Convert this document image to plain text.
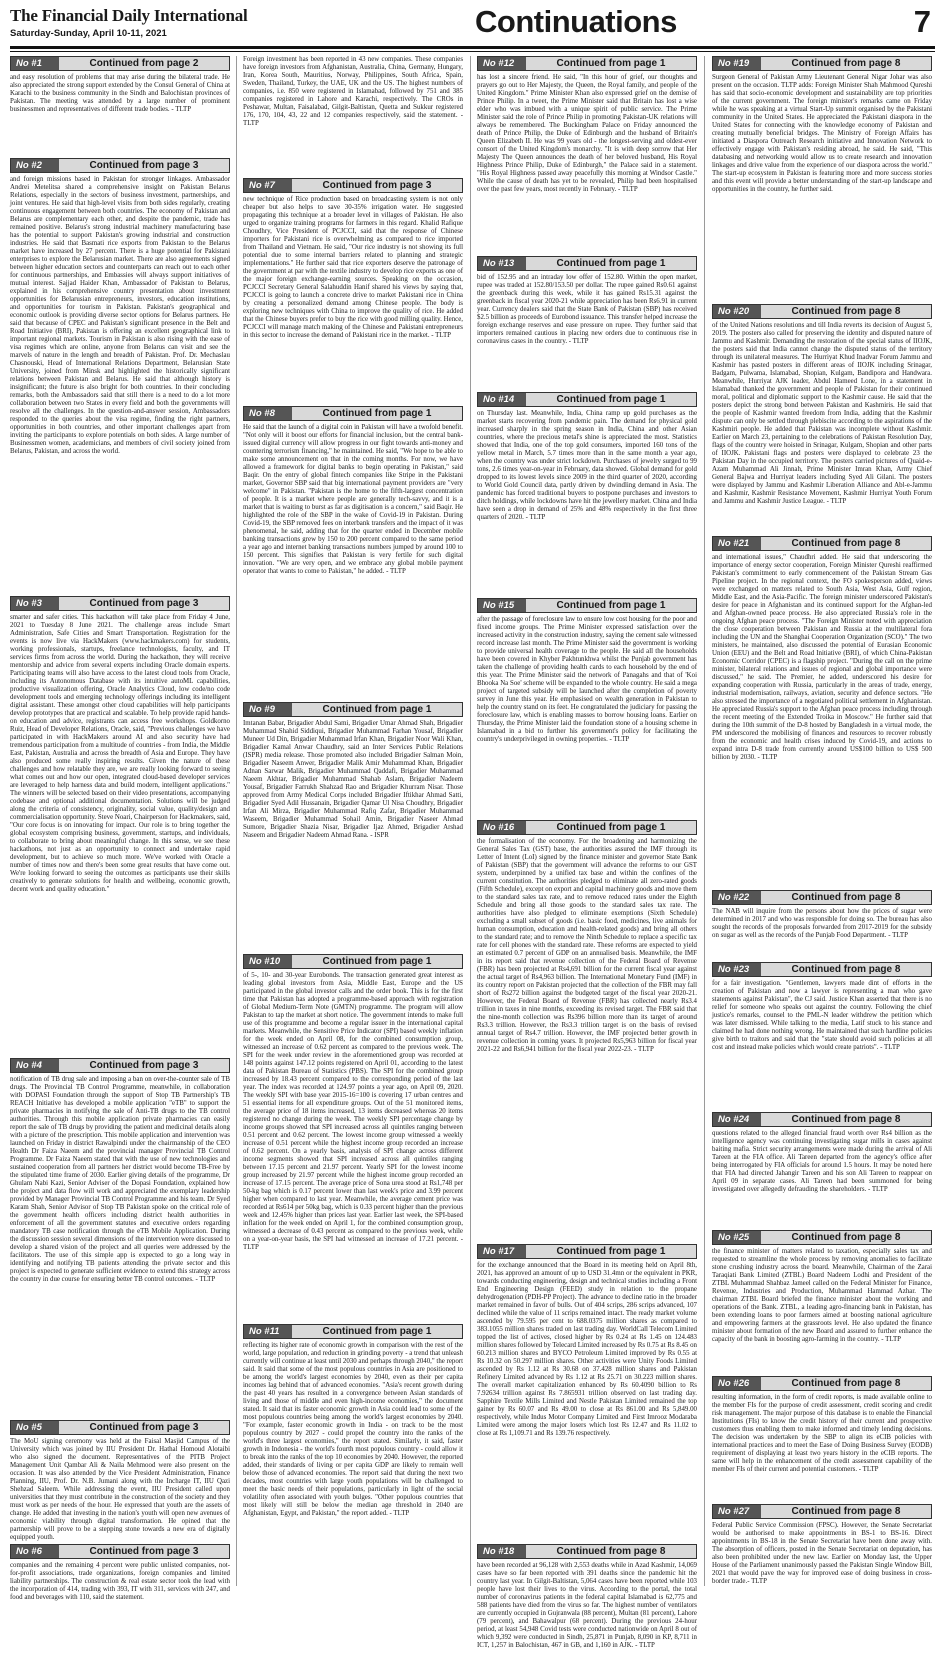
The Financial Daily International
Saturday-Sunday, April 10-11, 2021	Continuations	7
No #1	Continued from page 2
and easy resolution of problems that may arise during the bilateral trade. He also appreciated the strong support extended by the Consul General of China at Karachi to the business community in the Sindh and Balochistan provinces of Pakistan. The meeting was attended by a large number of prominent businessmen and representatives of different trade bodies. - TLTP
No #2	Continued from page 3
and foreign missions based in Pakistan for stronger linkages. Ambassador Andrei Metelitsa shared a comprehensive insight on Pakistan Belarus Relations, especially in the sectors of business investment, partnerships, and joint ventures. He said that high-level visits from both sides regularly, creating continuous engagement between both countries. The economy of Pakistan and Belarus are complementary each other, and despite the pandemic, trade has remained positive. Belarus's strong industrial machinery manufacturing base has the potential to support Pakistan's growing industrial and construction industries. He said that Basmati rice exports from Pakistan to the Belarus market have increased by 27 percent. There is a huge potential for Pakistani enterprises to explore the Belarusian market. There are also agreements signed between higher education sectors and counterparts can reach out to each other for continuous partnerships, and Embassies will always support initiatives of mutual interest. Sajjad Haider Khan, Ambassador of Pakistan to Belarus, explained in his comprehensive country presentation about investment opportunities for Belarusian entrepreneurs, investors, education institutions, and opportunities for tourism in Pakistan. Pakistan's geographical and economic outlook is providing diverse sector options for Belarus partners. He said that because of CPEC and Pakistan's significant presence in the Belt and Road Initiative (BRI), Pakistan is offering an excellent geographical link to important regional markets. Tourism in Pakistan is also rising with the ease of visa regimes which are online, anyone from Belarus can visit and see the marvels of nature in the length and breadth of Pakistan. Prof. Dr. Mechaslau Chasnouski, Head of International Relations Department, Belarusian State University, joined from Minsk and highlighted the historically significant relations between Pakistan and Belarus. He said that although history is insignificant; the future is also bright for both countries. In their concluding remarks, both the Ambassadors said that still there is a need to do a lot more collaboration between two States in every field and both the governments will resolve all the challenges. In the question-and-answer session, Ambassadors responded to the queries about the visa regime, finding the right partners, opportunities in both countries, and other important challenges apart from inviting the participants to explore potentials on both sides. A large number of Businessmen women, academicians, and members of civil society joined from Belarus, Pakistan, and across the world.
No #3	Continued from page 3
smarter and safer cities. This hackathon will take place from Friday 4 June, 2021 to Tuesday 8 June 2021. The challenge areas include Smart Administration, Safe Cities and Smart Transportation. Registration for the events is now live via HackMakers (www.hackmakers.com) for students, working professionals, startups, freelance technologists, faculty, and IT services firms from across the world. During the hackathon, they will receive mentorship and advice from several experts including Oracle domain experts. Participating teams will also have access to the latest cloud tools from Oracle, including its Autonomous Database with its intuitive autoML capabilities, productive visualization offering, Oracle Analytics Cloud, low code/no code development tools and emerging technology offerings including its intelligent digital assistant. These amongst other cloud capabilities will help participants develop prototypes that are practical and scalable. To help provide rapid hands-on education and advice, registrants can access free workshops. Goldkorno Ruiz, Head of Developer Relations, Oracle, said, "Previous challenges we have participated in with HackMakers around AI and also security have had tremendous participation from a multitude of countries - from India, the Middle East, Pakistan, Australia and across the breadth of Asia and Europe. They have also produced some really inspiring results. Given the nature of these challenges and how relatable they are, we are really looking forward to seeing what comes out and how our open, integrated cloud-based developer services are leveraged to help harness data and build modern, intelligent applications." The winners will be selected based on their video presentations, accompanying codebase and optional additional documentation. Solutions will be judged along the criteria of consistency, originality, social value, quality/design and commercialisation opportunity. Steve Noari, Chairperson for Hackmakers, said, "Our core focus is on innovating for impact. Our role is to bring together the global ecosystem comprising business, government, startups, and individuals, to collaborate to bring about meaningful change. In this sense, we see these hackathons, not just as an opportunity to connect and undertake rapid development, but to achieve so much more. We've worked with Oracle a number of times now and there's been some great results that have come out. We're looking forward to seeing the outcomes as participants use their skills creatively to generate solutions for health and wellbeing, economic growth, decent work and quality education."
No #4	Continued from page 3
notification of TB drug sale and imposing a ban on over-the-counter sale of TB drugs. The Provincial TB Control Programme, meanwhile, in collaboration with DOPASI Foundation through the support of Stop TB Partnership's TB REACH Initiative has developed a mobile application "eTB" to support the private pharmacies in notifying the sale of Anti-TB drugs to the TB control authorities. Through this mobile application private pharmacies can easily report the sale of TB drugs by providing the patient and medicinal details along with a picture of the prescription. This mobile application and intervention was launched on Friday in district Rawalpindi under the chairmanship of the CEO Health Dr Faiza Naeem and the provincial manager Provincial TB Control Programme. Dr Faiza Naeem stated that with the use of new technologies and sustained cooperation from all partners her district would become TB-Free by the stipulated time frame of 2030. Earlier giving details of the programme, Dr Ghulam Nabi Kazi, Senior Adviser of the Dopasi Foundation, explained how the project and data flow will work and appreciated the exemplary leadership provided by Manager Provincial TB Control Programme and his team. Dr Syed Karam Shah, Senior Advisor of Stop TB Pakistan spoke on the critical role of the government health officers including district health authorities in enforcement of all the government statutes and executive orders regarding mandatory TB case notification through the eTB Mobile Application. During the discussion session several dimensions of the intervention were discussed to develop a shared vision of the project and all queries were addressed by the facilitators. The use of this simple app is expected to go a long way in identifying and notifying TB patients attending the private sector and this project is expected to generate sufficient evidence to extend this strategy across the country in due course for ensuring better TB control outcomes. - TLTP
No #5	Continued from page 3
The MoU signing ceremony was held at the Faisal Masjid Campus of the University which was joined by IIU President Dr. Hathal Homoud Alotaibi who also signed the document. Representatives of the PITB Project Management Unit Qambar Ali & Naila Mehmood were also present on the occasion. It was also attended by the Vice President Administration, Finance Planning, IIU, Prof. Dr. N.B. Jumani along with the Incharge IT, IIU Qazi Shehzad Saleem. While addressing the event, IIU President called upon universities that they must contribute in the construction of the society and they must work as per needs of the hour. He expressed that youth are the assets of change. He added that investing in the nation's youth will open new avenues of economic viability through digital transformation. He opined that the partnership will prove to be a stepping stone towards a new era of digitally equipped youth.
No #6	Continued from page 3
companies and the remaining 4 percent were public unlisted companies, not-for-profit associations, trade organizations, foreign companies and limited liability partnerships. The construction & real estate sector took the lead with the incorporation of 414, trading with 393, IT with 311, services with 247, and food and beverages with 110, said the statement.
Foreign investment has been reported in 43 new companies. These companies have foreign investors from Afghanistan, Australia, China, Germany, Hungary, Iran, Korea South, Mauritius, Norway, Philippines, South Africa, Spain, Sweden, Thailand, Turkey, the UAE, UK and the US. The highest numbers of companies, i.e. 850 were registered in Islamabad, followed by 751 and 385 companies registered in Lahore and Karachi, respectively. The CROs in Peshawar, Multan, Faisalabad, Gilgit-Baltistan, Quetta and Sukkur registered 176, 170, 104, 43, 22 and 12 companies respectively, said the statement. - TLTP
No #7	Continued from page 3
new technique of Rice production based on broadcasting system is not only cheaper but also helps to save 30-35% irrigation water. He suggested propagating this technique at a broader level in villages of Pakistan. He also urged to organize training programs for farmers in this regard. Khalid Rafique Choudhry, Vice President of PCJCCI, said that the response of Chinese importers for Pakistani rice is overwhelming as compared to rice imported from Thailand and Vietnam. He said, "Our rice industry is not showing its full potential due to some internal barriers related to planning and strategic implementations." He further said that rice exporters deserve the patronage of the government at par with the textile industry to develop rice exports as one of the major foreign exchange-earning sources. Speaking on the occasion, PCJCCI Secretary General Salahuddin Hanif shared his views by saying that, PCJCCI is going to launch a concrete drive to market Pakistani rice in China by creating a personalized demand among Chinese people. The body is exploring new techniques with China to improve the quality of rice. He added that the Chinese buyers prefer to buy the rice with good milling quality. Hence, PCJCCI will manage match making of the Chinese and Pakistani entrepreneurs in this sector to increase the demand of Pakistani rice in the market. - TLTP
No #8	Continued from page 1
He said that the launch of a digital coin in Pakistan will have a twofold benefit. "Not only will it boost our efforts for financial inclusion, but the central bank-issued digital currency will allow progress in our fight towards anti-money and countering terrorism financing," he maintained. He said, "We hope to be able to make some announcement on that in the coming months. For now, we have allowed a framework for digital banks to begin operating in Pakistan," said Baqir. On the entry of global fintech companies like Stripe in the Pakistani market, Governor SBP said that big international payment providers are "very welcome" in Pakistan. "Pakistan is the home to the fifth-largest concentration of people. It is a market where people are generally tech-savvy, and it is a market that is waiting to burst as far as digitisation is a concern," said Baqir. He highlighted the role of the SBP in the wake of Covid-19 in Pakistan. During Covid-19, the SBP removed fees on interbank transfers and the impact of it was phenomenal, he said, adding that for the quarter ended in December mobile banking transactions grew by 150 to 200 percent compared to the same period a year ago and internet banking transactions numbers jumped by around 100 to 150 percent. This signifies that Pakistan is very fertile for such digital innovation. "We are very open, and we embrace any global mobile payment operator that wants to come to Pakistan," he added. - TLTP
No #9	Continued from page 1
Imtanan Babar, Brigadier Abdul Sami, Brigadier Umar Ahmad Shah, Brigadier Muhammad Shahid Siddiqui, Brigadier Muhammad Farhan Yousaf, Brigadier Muneer Ud Din, Brigadier Muhammad Irfan Khan, Brigadier Noor Wali Khan, Brigadier Kamal Anwar Chaudhry, said an Inter Services Public Relations (ISPR) media release. Those promoted also included Brigadier Salman Moin, Brigadier Naseem Anwer, Brigadier Malik Amir Muhammad Khan, Brigadier Adnan Sarwar Malik, Brigadier Muhammad Qaddafi, Brigadier Muhammad Naeem Akhtar, Brigadier Muhammad Shahab Aslam, Brigadier Nadeem Yousaf, Brigadier Farrukh Shahzad Rao and Brigadier Khurram Nisar. Those approved from Army Medical Corps included Brigadier Iftikhar Ahmad Satti, Brigadier Syed Adil Hussanain, Brigadier Qamar Ul Nisa Choudhry, Brigadier Irfan Ali Mirza, Brigadier Muhammad Rafiq Zafar, Brigadier Muhammad Waseem, Brigadier Muhammad Sohail Amin, Brigadier Naseer Ahmad Sumore, Brigadier Shazia Nisar, Brigadier Ijaz Ahmed, Brigadier Arshad Naseem and Brigadier Nadeem Ahmad Rana. - ISPR
No #10	Continued from page 1
of 5-, 10- and 30-year Eurobonds. The transaction generated great interest as leading global investors from Asia, Middle East, Europe and the US participated in the global investor calls and the order book. This is for the first time that Pakistan has adopted a programme-based approach with registration of Global Medium-Term Note (GMTN) programme. The program will allow Pakistan to tap the market at short notice. The government intends to make full use of this programme and become a regular issuer in the international capital markets. Meanwhile, the Sensitive Price Indicator (SPI) based weekly inflation for the week ended on April 08, for the combined consumption group, witnessed an increase of 0.62 percent as compared to the previous week. The SPI for the week under review in the aforementioned group was recorded at 148 points against 147.12 points registered on April 01, according to the latest data of Pakistan Bureau of Statistics (PBS). The SPI for the combined group increased by 18.43 percent compared to the corresponding period of the last year. The index was recorded at 124.97 points a year ago, on April 09, 2020. The weekly SPI with base year 2015-16=100 is covering 17 urban centres and 51 essential items for all expenditure groups. Out of the 51 monitored items, the average price of 18 items increased, 13 items decreased whereas 20 items registered no change during the week. The weekly SPI percentage change by income groups showed that SPI increased across all quintiles ranging between 0.51 percent and 0.62 percent. The lowest income group witnessed a weekly increase of 0.51 percent while the highest income group recorded an increase of 0.62 percent. On a yearly basis, analysis of SPI change across different income segments showed that SPI increased across all quintiles ranging between 17.15 percent and 21.97 percent. Yearly SPI for the lowest income group increased by 21.97 percent while the highest income group recorded an increase of 17.15 percent. The average price of Sona urea stood at Rs1,748 per 50-kg bag which is 0.17 percent lower than last week's price and 3.99 percent higher when compared to last year. Meanwhile, the average cement price was recorded at Rs614 per 50kg bag, which is 0.33 percent higher than the previous week and 12.45% higher than prices last year. Earlier last week, the SPI-based inflation for the week ended on April 1, for the combined consumption group, witnessed a decrease of 0.43 percent as compared to the previous week, while on a year-on-year basis, the SPI had witnessed an increase of 17.21 percent. - TLTP
No #11	Continued from page 1
reflecting its higher rate of economic growth in comparison with the rest of the world, large population, and reduction in grinding poverty - a trend that unleash currently will continue at least until 2030 and perhaps through 2040," the report said. It said that some of the most populous countries in Asia are positioned to be among the world's largest economies by 2040, even as their per capita incomes lag behind that of advanced economies. "Asia's recent growth during the past 40 years has resulted in a convergence between Asian standards of living and those of middle and even high-income economies," the document stated. It said that its faster economic growth in Asia could lead to some of the most populous countries being among the world's largest economies by 2040. "For example, faster economic growth in India - on track to be the most populous country by 2027 - could propel the country into the ranks of the world's three largest economies," the report stated. Similarly, it said, faster growth in Indonesia - the world's fourth most populous country - could allow it to break into the ranks of the top 10 economies by 2040. However, the reported added, their standards of living or per capita GDP are likely to remain well below those of advanced economies. The report said that during the next two decades, most countries with large youth populations will be challenged to meet the basic needs of their populations, particularly in light of the social volatility often associated with youth bulges. "Other populous countries that most likely will still be below the median age threshold in 2040 are Afghanistan, Egypt, and Pakistan," the report added. - TLTP
No #12	Continued from page 1
has lost a sincere friend. He said, "In this hour of grief, our thoughts and prayers go out to Her Majesty, the Queen, the Royal family, and people of the United Kingdom." Prime Minister Khan also expressed grief on the demise of Prince Philip. In a tweet, the Prime Minister said that Britain has lost a wise elder who was imbued with a unique spirit of public service. The Prime Minister said the role of Prince Philip in promoting Pakistan-UK relations will always be remembered. The Buckingham Palace on Friday announced the death of Prince Philip, the Duke of Edinburgh and the husband of Britain's Queen Elizabeth II. He was 99 years old - the longest-serving and oldest-ever consort of the United Kingdom's monarchy. "It is with deep sorrow that Her Majesty The Queen announces the death of her beloved husband, His Royal Highness Prince Philip, Duke of Edinburgh," the Palace said in a statement. "His Royal Highness passed away peacefully this morning at Windsor Castle." While the cause of death has yet to be revealed, Philip had been hospitalised over the past few years, most recently in February. - TLTP
No #13	Continued from page 1
bid of 152.95 and an intraday low offer of 152.80. Within the open market, rupee was traded at 152.80/153.50 per dollar. The rupee gained Rs0.61 against the greenback during this week, while it has gained Rs15.31 against the greenback in fiscal year 2020-21 while appreciation has been Rs6.91 in current year. Currency dealers said that the State Bank of Pakistan (SBP) has received $2.5 billion as proceeds of Eurobond issuance. This transfer helped increase the foreign exchange reserves and ease pressure on rupee. They further said that importers remained cautious in placing new orders due to continuous rise in coronavirus cases in the country. - TLTP
No #14	Continued from page 1
on Thursday last. Meanwhile, India, China ramp up gold purchases as the market starts recovering from pandemic pain. The demand for physical gold increased sharply in the spring season in India, China and other Asian countries, where the precious metal's shine is appreciated the most. Statistics showed that India, one of the top gold consumers, imported 160 tons of the yellow metal in March, 5.7 times more than in the same month a year ago, when the country was under strict lockdown. Purchases of jewelry surged to 99 tons, 2.6 times year-on-year in February, data showed. Global demand for gold dropped to its lowest levels since 2009 in the third quarter of 2020, according to World Gold Council data, partly driven by dwindling demand in Asia. The pandemic has forced traditional buyers to postpone purchases and investors to ditch holdings, while lockdowns have hit the jewellery market. China and India have seen a drop in demand of 25% and 48% respectively in the first three quarters of 2020. - TLTP
No #15	Continued from page 1
after the passage of foreclosure law to ensure low cost housing for the poor and fixed income groups. The Prime Minister expressed satisfaction over the increased activity in the construction industry, saying the cement sale witnessed record increase last month. The Prime Minister said the government is working to provide universal health coverage to the people. He said all the households have been covered in Khyber Pakhtunkhwa whilst the Punjab government has taken the challenge of providing health cards to each household by the end of this year. The Prime Minister said the network of Panagahs and that of 'Koi Bhooka Na Soe' scheme will be expanded to the whole country. He said a mega project of targeted subsidy will be launched after the completion of poverty survey in June this year. He emphasised on wealth generation in Pakistan to help the country stand on its feet. He congratulated the judiciary for passing the foreclosure law, which is enabling masses to borrow housing loans. Earlier on Thursday, the Prime Minister laid the foundation stone of a housing scheme in Islamabad in a bid to further his government's policy for facilitating the country's underprivileged in owning properties. - TLTP
No #16	Continued from page 1
the formalisation of the economy. For the broadening and harmonizing the General Sales Tax (GST) base, the authorities assured the IMF through its Letter of Intent (LoI) signed by the finance minister and governor State Bank of Pakistan (SBP) that the government will advance the reforms to our GST system, underpinned by a unified tax base and within the confines of the current constitution. The authorities pledged to eliminate all zero-rated goods (Fifth Schedule), except on export and capital machinery goods and move them to the standard sales tax rate, and to remove reduced rates under the Eighth Schedule and bring all those goods to the standard sales tax rate. The authorities have also pledged to eliminate exemptions (Sixth Schedule) excluding a small subset of goods (i.e. basic food, medicines, live animals for human consumption, education and health-related goods) and bring all others to the standard rate; and to remove the Ninth Schedule to replace a specific tax rate for cell phones with the standard rate. These reforms are expected to yield an estimated 0.7 percent of GDP on an annualised basis. Meanwhile, the IMF in its report said that revenue collection of the Federal Board of Revenue (FBR) has been projected at Rs4,691 billion for the current fiscal year against the actual target of Rs4,963 billion. The International Monetary Fund (IMF) in its country report on Pakistan projected that the collection of the FBR may fall short of Rs272 billion against the budgeted target of the fiscal year 2020-21. However, the Federal Board of Revenue (FBR) has collected nearly Rs3.4 trillion in taxes in nine months, exceeding its revised target. The FBR said that the nine-month collection was Rs396 billion more than its target of around Rs3.3 trillion. However, the Rs3.3 trillion target is on the basis of revised annual target of Rs4.7 trillion. However, the IMF projected better growth in revenue collection in coming years. It projected Rs5,963 billion for fiscal year 2021-22 and Rs6,941 billion for the fiscal year 2022-23. - TLTP
No #17	Continued from page 1
for the exchange announced that the Board in its meeting held on April 8th, 2021, has approved an amount of up to USD 31.4mn or the equivalent in PKR, towards conducting engineering, design and technical studies including a Front End Engineering Design (FEED) study in relation to the propane dehydrogenation (PDH-PP Project). The advance to decline ratio in the broader market remained in favor of bulls. Out of 404 scrips, 286 scrips advanced, 107 declined while the value of 11 scrips remained intact. The ready market volume ascended by 79.595 per cent to 688.0375 million shares as compared to 383.1055 million shares traded on last trading day. WorldCall Telecom Limited topped the list of actives, closed higher by Rs 0.24 at Rs 1.45 on 124.483 million shares followed by Telecard Limited increased by Rs 0.75 at Rs 8.45 on 60.213 million shares and BYCO Petroleum Limited improved by Rs 0.55 at Rs 10.32 on 50.297 million shares. Other activities were Unity Foods Limited ascended by Rs 1.12 at Rs 30.68 on 37.428 million shares and Pakistan Refinery Limited advanced by Rs 1.12 at Rs 25.71 on 30.223 million shares. The overall market capitalization enhanced by Rs 60.4090 billion to Rs 7.92634 trillion against Rs 7.865931 trillion observed on last trading day. Sapphire Textile Mills Limited and Nestle Pakistan Limited remained the top gainer by Rs 60.07 and Rs 49.00 to close at Rs 861.00 and Rs 5,849.00 respectively, while Indus Motor Company Limited and First Imrooz Modaraba Limited were among the major losers which lost Rs 12.47 and Rs 11.02 to close at Rs 1,109.71 and Rs 139.76 respectively.
No #18	Continued from page 8
have been recorded at 96,128 with 2,553 deaths while in Azad Kashmir, 14,069 cases have so far been reported with 391 deaths since the pandemic hit the country last year. In Gilgit-Baltistan, 5,064 cases have been reported while 103 people have lost their lives to the virus. According to the portal, the total number of coronavirus patients in the federal capital Islamabad is 62,775 and 588 patients have died from the virus so far. The highest number of ventilators are currently occupied in Gujranwala (88 percent), Multan (81 percent), Lahore (79 percent), and Bahawalpur (68 percent). During the previous 24-hour period, at least 54,948 Covid tests were conducted nationwide on April 8 out of which 9,392 were conducted in Sindh, 25,871 in Punjab, 8,090 in KP, 8,711 in ICT, 1,257 in Balochistan, 467 in GB, and 1,160 in AJK. - TLTP
No #19	Continued from page 8
Surgeon General of Pakistan Army Lieutenant General Nigar Johar was also present on the occasion. TLTP adds: Foreign Minister Shah Mahmood Qureshi has said that socio-economic development and sustainability are top priorities of the current government. The foreign minister's remarks came on Friday while he was speaking at a virtual Start-Up summit organised by the Pakistani community in the United States. He appreciated the Pakistani diaspora in the United States for connecting with the knowledge economy of Pakistan and creating mutually beneficial bridges. The Ministry of Foreign Affairs has initiated a Diaspora Outreach Research initiative and Innovation Network to effectively engage with Pakistan's residing abroad, he said. He said, "This databasing and networking would allow us to create research and innovation linkages and drive value from the experience of our diaspora across the world." The start-up ecosystem in Pakistan is featuring more and more success stories and this event will provide a better understanding of the start-up landscape and opportunities in the country, he further said.
No #20	Continued from page 8
of the United Nations resolutions and till India reverts its decision of August 5, 2019. The posters also called for preserving the identity and disputed nature of Jammu and Kashmir. Demanding the restoration of the special status of IIOJK, the posters said that India cannot change the disputed status of the territory through its unilateral measures. The Hurriyat Khud Inadvar Forum Jammu and Kashmir has pasted posters in different areas of IIOJK including Srinagar, Badgam, Pulwama, Islamabad, Shopian, Kulgam, Bandipora and Handwara. Meanwhile, Hurriyat AJK leader, Abdul Hameed Lone, in a statement in Islamabad thanked the government and people of Pakistan for their continued moral, political and diplomatic support to the Kashmir cause. He said that the posters depict the strong bond between Pakistan and Kashmiris. He said that the people of Kashmir wanted freedom from India, adding that the Kashmir dispute can only be settled through plebiscite according to the aspirations of the Kashmiri people. He added that Pakistan was incomplete without Kashmir. Earlier on March 23, pertaining to the celebrations of Pakistan Resolution Day, flags of the country were hoisted in Srinagar, Kulgam, Shopian and other parts of IIOJK. Pakistani flags and posters were displayed to celebrate 23 the Pakistan Day in the occupied territory. The posters carried pictures of Quaid-e-Azam Muhammad Ali Jinnah, Prime Minister Imran Khan, Army Chief General Bajwa and Hurriyat leaders including Syed Ali Gilani. The posters were displayed by Jammu and Kashmir Liberation Alliance and Abl-e-Jammu and Kashmir, Kashmir Resistance Movement, Kashmir Hurriyat Youth Forum and Jammu and Kashmir Justice League. - TLTP
No #21	Continued from page 8
and international issues," Chaudhri added. He said that underscoring the importance of energy sector cooperation, Foreign Minister Qureshi reaffirmed Pakistan's commitment to early commencement of the Pakistan Stream Gas Pipeline project. In the regional context, the FO spokesperson added, views were exchanged on matters related to South Asia, West Asia, Gulf region, Middle East, and the Asia-Pacific. The foreign minister underscored Pakistan's desire for peace in Afghanistan and its continued support for the Afghan-led and Afghan-owned peace process. He also appreciated Russia's role in the ongoing Afghan peace process. "The Foreign Minister noted with appreciation the close cooperation between Pakistan and Russia at the multilateral fora including the UN and the Shanghai Cooperation Organization (SCO)." The two ministers, he maintained, also discussed the potential of Eurasian Economic Union (EEU) and the Belt and Road Initiative (BRI), of which China-Pakistan Economic Corridor (CPEC) is a flagship project. "During the call on the prime minister, bilateral relations and issues of regional and global importance were discussed," he said. The Premier, he added, underscored his desire for expanding cooperation with Russia, particularly in the areas of trade, energy, industrial modernisation, railways, aviation, security and defence sectors. "He also stressed the importance of a negotiated political settlement in Afghanistan. He appreciated Russia's support to the Afghan peace process including through the recent meeting of the Extended Troika in Moscow." He further said that during the 10th summit of the D-8 hosted by Bangladesh in a virtual mode, the PM underscored the mobilising of finances and resources to recover robustly from the economic and health crises induced by Covid-19, and actions to expand intra D-8 trade from currently around US$100 billion to US$ 500 billion by 2030. - TLTP
No #22	Continued from page 8
The NAB will inquire from the persons about how the prices of sugar were determined in 2017 and who was responsible for doing so. The bureau has also sought the records of the proposals forwarded from 2017-2019 for the subsidy on sugar as well as the records of the Punjab Food Department. - TLTP
No #23	Continued from page 8
for a fair investigation. "Gentlemen, lawyers made dint of efforts in the creation of Pakistan and now a lawyer is representing a man who gave statements against Pakistan", the CJ said. Justice Khan asserted that there is no relief for someone who speaks out against the country. Following the chief justice's remarks, counsel to the PML-N leader withdrew the petition which was later dismissed. While talking to the media, Latif stuck to his stance and claimed he had done nothing wrong. He maintained that such hardline policies give birth to traitors and said that the "state should avoid such policies at all cost and instead make policies which would create patriots". - TLTP
No #24	Continued from page 8
questions related to the alleged financial fraud worth over Rs4 billion as the intelligence agency was continuing investigating sugar mills in cases against baiting mafia. Strict security arrangements were made during the arrival of Ali Tareen at the FIA office. Ali Tareen departed from the agency's office after being interrogated by FIA officials for around 1.5 hours. It may be noted here that FIA had directed Jahangir Tareen and his son Ali Tareen to reappear on April 09 in separate cases. Ali Tareen had been summoned for being investigated over allegedly defrauding the shareholders. - TLTP
No #25	Continued from page 8
the finance minister of matters related to taxation, especially sales tax and requested to streamline the whole process by removing anomalies to facilitate stone crushing industry across the board. Meanwhile, Chairman of the Zarai Taraqiati Bank Limited (ZTBL) Board Nadeem Lodhi and President of the ZTBL Muhammad Shahbaz Jameel called on the Federal Minister for Finance, Revenue, Industries and Production, Muhammad Hammad Azhar. The chairman ZTBL Board briefed the finance minister about the working and operations of the Bank. ZTBL, a leading agro-financing bank in Pakistan, has been extending loans to poor farmers aimed at boosting national agriculture and empowering farmers at the grassroots level. He also updated the finance minister about formation of the new Board and assured to further enhance the capacity of the bank in boosting agro-farming in the country. - TLTP
No #26	Continued from page 8
resulting information, in the form of credit reports, is made available online to the member FIs for the purpose of credit assessment, credit scoring and credit risk management. The major purpose of this database is to enable the Financial Institutions (FIs) to know the credit history of their current and prospective customers thus enabling them to make informed and timely lending decisions. The decision was undertaken by the SBP to align its eCIB policies with international practices and to meet the Ease of Doing Business Survey (EODB) requirement of displaying at least two years history in the eCIB reports. The same will help in the enhancement of the credit assessment capability of the member FIs of their current and potential customers. - TLTP
No #27	Continued from page 8
Federal Public Service Commission (FPSC). However, the Senate Secretariat would be authorised to make appointments in BS-1 to BS-16. Direct appointments in BS-18 in the Senate Secretariat have been done away with. The absorption of officers, posted in the Senate Secretariat on deputation, has also been prohibited under the new law. Earlier on Monday last, the Upper House of the Parliament unanimously passed the Pakistan Single Window Bill, 2021 that would pave the way for improved ease of doing business in cross-border trade.- TLTP
